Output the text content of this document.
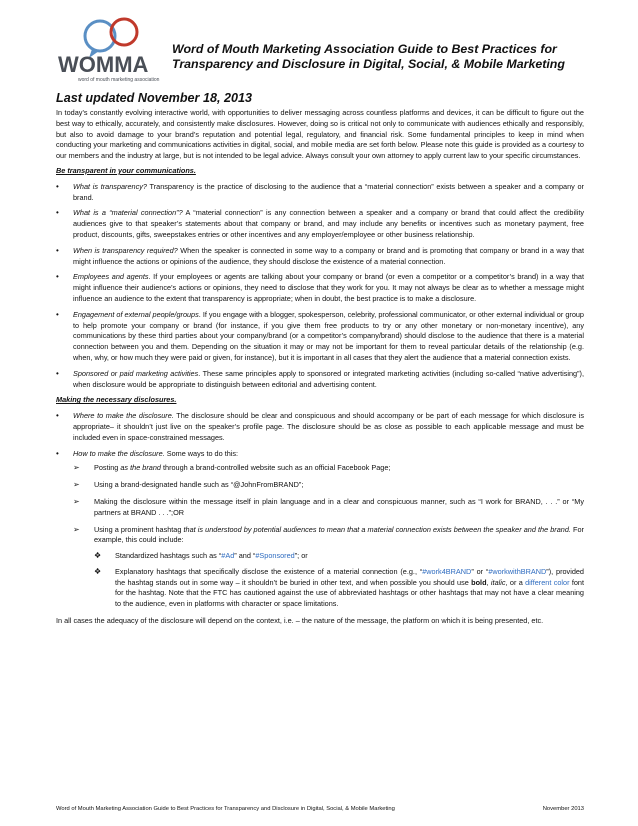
WOMMA
word of mouth marketing association
Word of Mouth Marketing Association Guide to Best Practices for
Transparency and Disclosure in Digital, Social, & Mobile Marketing
Last updated November 18, 2013

In today’s constantly evolving interactive world, with opportunities to deliver messaging across countless platforms and devices, it can be difficult to figure out the best way to ethically, accurately, and consistently make disclosures. However, doing so is critical not only to communicate with audiences ethically and responsibly, but also to avoid damage to your brand’s reputation and potential legal, regulatory, and financial risk. Some fundamental principles to keep in mind when conducting your marketing and communications activities in digital, social, and mobile media are set forth below. Please note this guide is provided as a courtesy to our members and the industry at large, but is not intended to be legal advice. Always consult your own attorney to apply current law to your specific circumstances.

Be transparent in your communications.
• What is transparency? Transparency is the practice of disclosing to the audience that a “material connection” exists between a speaker and a company or brand.
• What is a “material connection”? A “material connection” is any connection between a speaker and a company or brand that could affect the credibility audiences give to that speaker’s statements about that company or brand, and may include any benefits or incentives such as monetary payment, free product, discounts, gifts, sweepstakes entries or other incentives and any employer/employee or other business relationship.
• When is transparency required? When the speaker is connected in some way to a company or brand and is promoting that company or brand in a way that might influence the actions or opinions of the audience, they should disclose the existence of a material connection.
• Employees and agents. If your employees or agents are talking about your company or brand (or even a competitor or a competitor’s brand) in a way that might influence their audience’s actions or opinions, they need to disclose that they work for you. It may not always be clear as to whether a message might influence an audience to the extent that transparency is appropriate; when in doubt, the best practice is to make a disclosure.
• Engagement of external people/groups. If you engage with a blogger, spokesperson, celebrity, professional communicator, or other external individual or group to help promote your company or brand (for instance, if you give them free products to try or any other monetary or non-monetary incentive), any communications by these third parties about your company/brand (or a competitor’s company/brand) should disclose to the audience that there is a material connection between you and them. Depending on the situation it may or may not be important for them to reveal particular details of the relationship (e.g. when, why, or how much they were paid or given, for instance), but it is important in all cases that they alert the audience that a material connection exists.
• Sponsored or paid marketing activities. These same principles apply to sponsored or integrated marketing activities (including so-called “native advertising”), when disclosure would be appropriate to distinguish between editorial and advertising content.
Making the necessary disclosures.
• Where to make the disclosure. The disclosure should be clear and conspicuous and should accompany or be part of each message for which disclosure is appropriate– it shouldn’t just live on the speaker’s profile page. The disclosure should be as close as possible to each applicable message and must be included even in space-constrained messages.
• How to make the disclosure. Some ways to do this:
➢ Posting as the brand through a brand-controlled website such as an official Facebook Page;
➢ Using a brand-designated handle such as “@JohnFromBRAND”;
➢ Making the disclosure within the message itself in plain language and in a clear and conspicuous manner, such as “I work for BRAND, . . .” or “My partners at BRAND . . .”;OR
➢ Using a prominent hashtag that is understood by potential audiences to mean that a material connection exists between the speaker and the brand. For example, this could include:
❖ Standardized hashtags such as “#Ad” and “#Sponsored”; or
❖ Explanatory hashtags that specifically disclose the existence of a material connection (e.g., “#work4BRAND” or “#workwithBRAND”), provided the hashtag stands out in some way – it shouldn’t be buried in other text, and when possible you should use bold, italic, or a different color font for the hashtag. Note that the FTC has cautioned against the use of abbreviated hashtags or other hashtags that may not have a clear meaning to the audience, even in platforms with character or space limitations.

In all cases the adequacy of the disclosure will depend on the context, i.e. – the nature of the message, the platform on which it is being presented, etc.

Word of Mouth Marketing Association Guide to Best Practices for Transparency and Disclosure in Digital, Social, & Mobile Marketing	November 2013
